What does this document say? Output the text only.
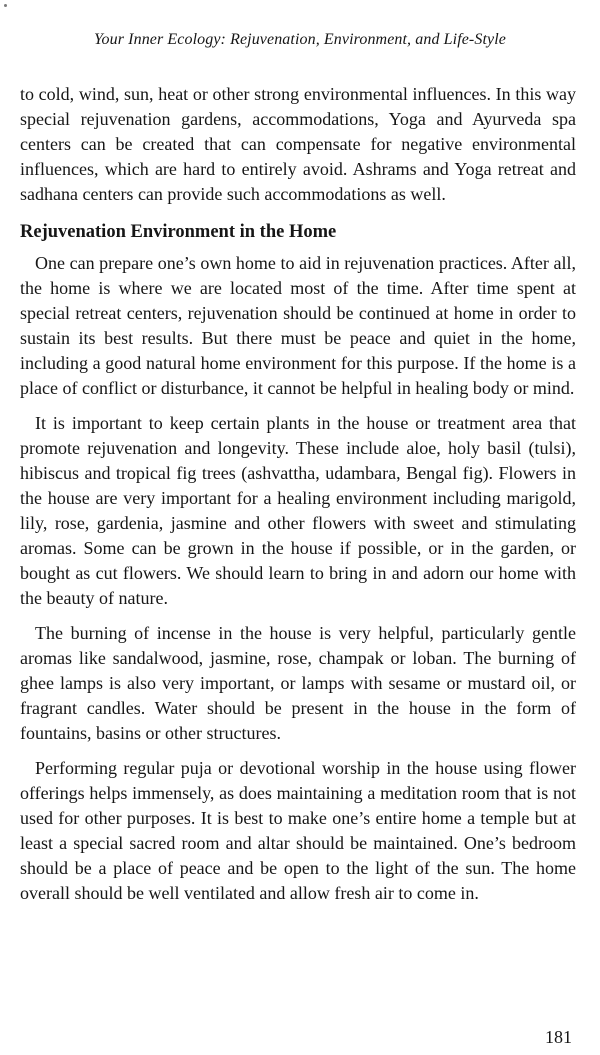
Your Inner Ecology: Rejuvenation, Environment, and Life-Style

to cold, wind, sun, heat or other strong environmental influences. In this way special rejuvenation gardens, accommodations, Yoga and Ayurveda spa centers can be created that can compensate for negative environmental influences, which are hard to entirely avoid. Ashrams and Yoga retreat and sadhana centers can provide such accommodations as well.

Rejuvenation Environment in the Home

One can prepare one’s own home to aid in rejuvenation practices. After all, the home is where we are located most of the time. After time spent at special retreat centers, rejuvenation should be continued at home in order to sustain its best results. But there must be peace and quiet in the home, including a good natural home environment for this purpose. If the home is a place of conflict or disturbance, it cannot be helpful in healing body or mind.

It is important to keep certain plants in the house or treatment area that promote rejuvenation and longevity. These include aloe, holy basil (tulsi), hibiscus and tropical fig trees (ashvattha, udambara, Bengal fig). Flowers in the house are very important for a healing environment including marigold, lily, rose, gardenia, jasmine and other flowers with sweet and stimulating aromas. Some can be grown in the house if possible, or in the garden, or bought as cut flowers. We should learn to bring in and adorn our home with the beauty of nature.

The burning of incense in the house is very helpful, particularly gentle aromas like sandalwood, jasmine, rose, champak or loban. The burning of ghee lamps is also very important, or lamps with sesame or mustard oil, or fragrant candles. Water should be present in the house in the form of fountains, basins or other structures.

Performing regular puja or devotional worship in the house using flower offerings helps immensely, as does maintaining a meditation room that is not used for other purposes. It is best to make one’s entire home a temple but at least a special sacred room and altar should be maintained. One’s bedroom should be a place of peace and be open to the light of the sun. The home overall should be well ventilated and allow fresh air to come in.

181
